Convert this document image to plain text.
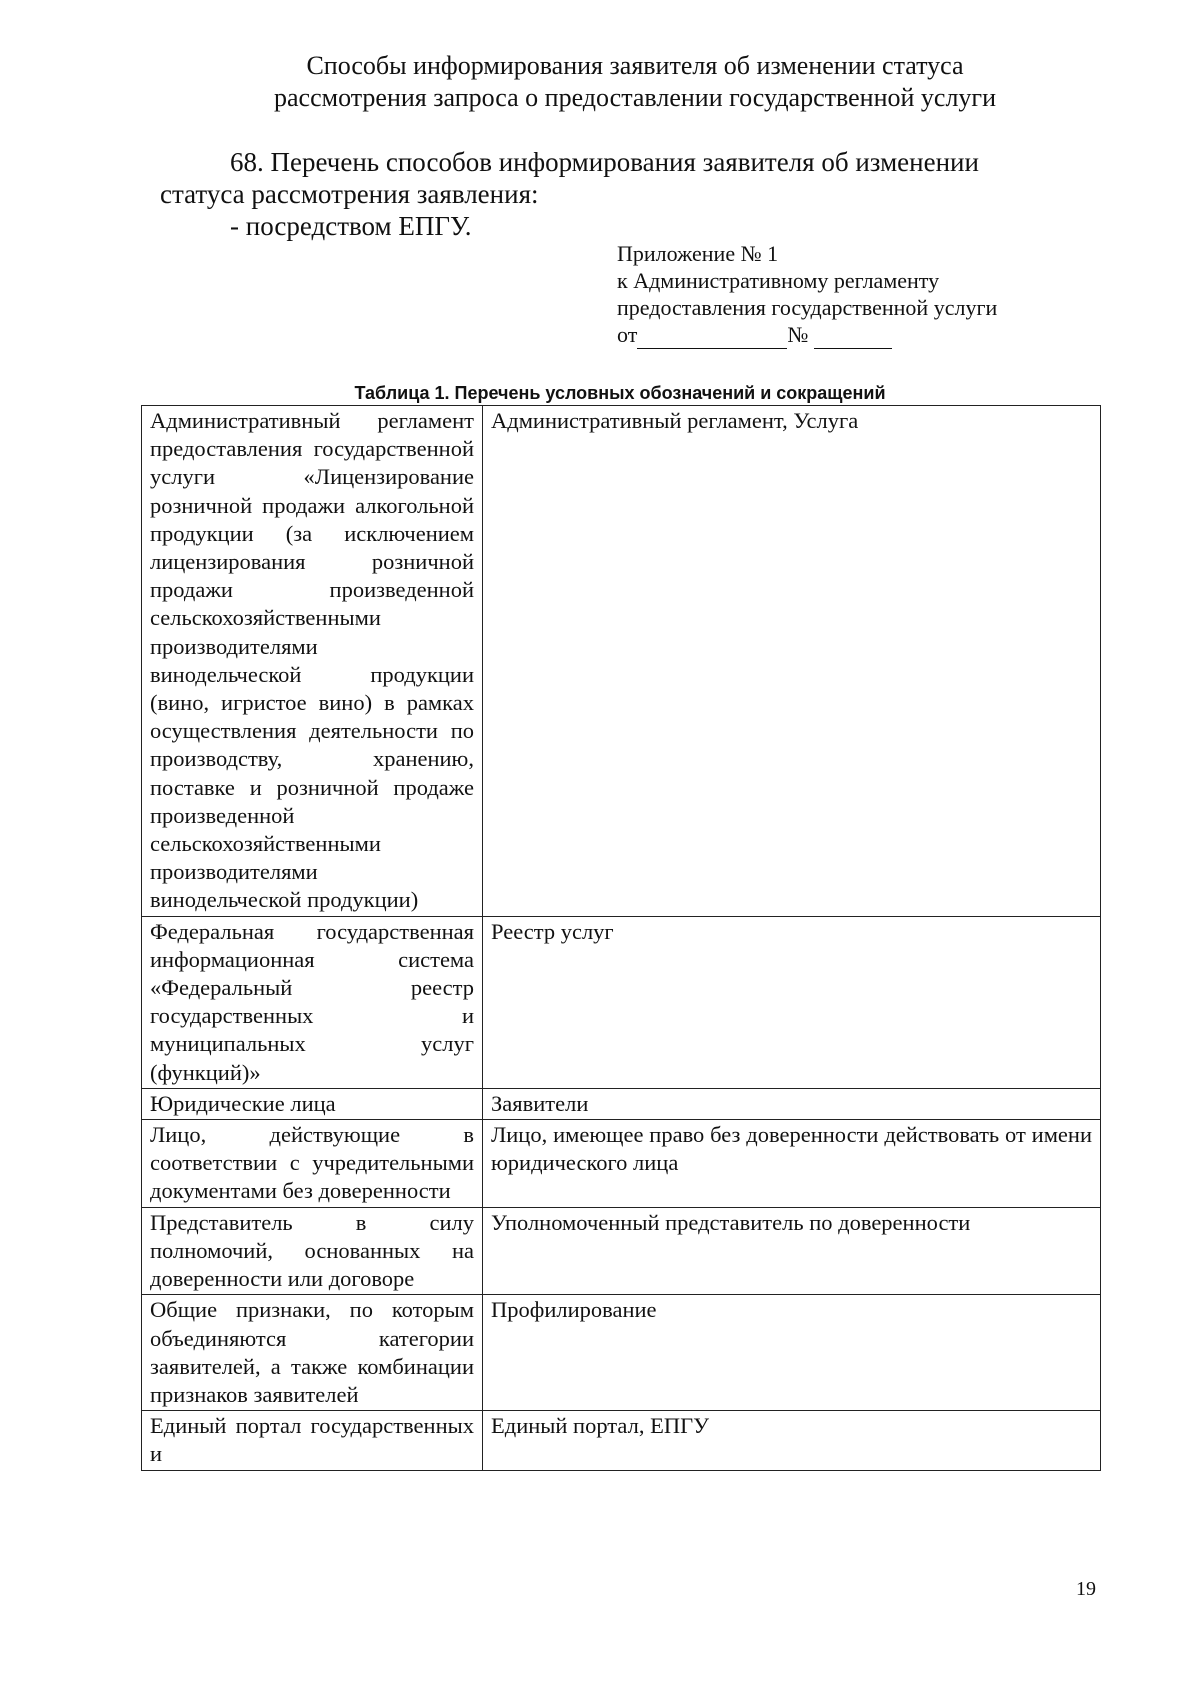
Способы информирования заявителя об изменении статуса
рассмотрения запроса о предоставлении государственной услуги

68. Перечень способов информирования заявителя об изменении
статуса рассмотрения заявления:

- посредством ЕПГУ.

Приложение № 1
к Административному регламенту
предоставления государственной услуги
от	№
Таблица 1. Перечень условных обозначений и сокращений
Административный регламент предоставления государственной услуги «Лицензирование розничной продажи алкогольной продукции (за исключением лицензирования розничной продажи произведенной сельскохозяйственными производителями винодельческой продукции (вино, игристое вино) в рамках осуществления деятельности по производству, хранению, поставке и розничной продаже произведенной сельскохозяйственными производителями винодельческой продукции)	Административный регламент, Услуга
Федеральная государственная информационная система «Федеральный реестр государственных и муниципальных услуг (функций)»	Реестр услуг
Юридические лица	Заявители
Лицо, действующие в соответствии с учредительными документами без доверенности	Лицо, имеющее право без доверенности действовать от имени юридического лица
Представитель в силу полномочий, основанных на доверенности или договоре	Уполномоченный представитель по доверенности
Общие признаки, по которым объединяются категории заявителей, а также комбинации признаков заявителей	Профилирование
Единый портал государственных и	Единый портал, ЕПГУ
19
